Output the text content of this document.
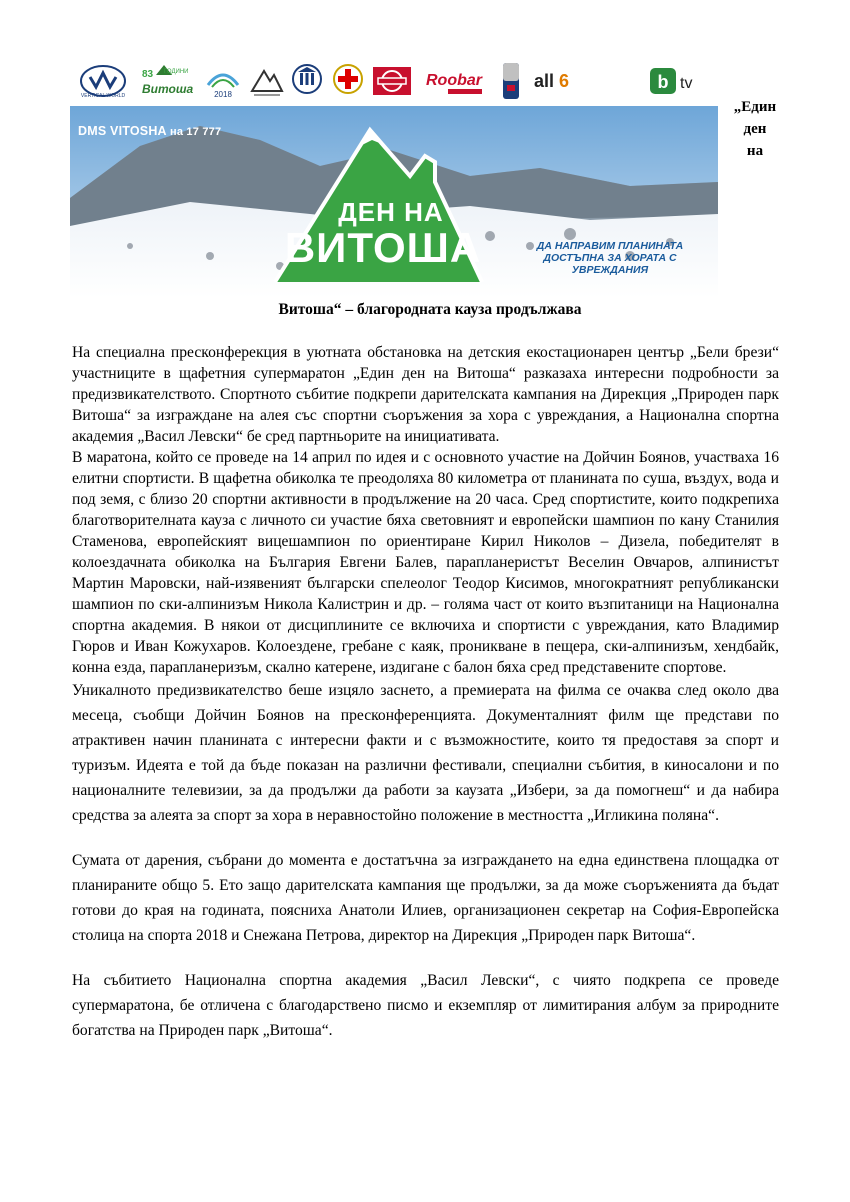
VERTICAL WORLD
83 ГОДИНИ
Витоша	2018
Roobar	all 6	b tv
„Един
ден
на
DMS VITOSHA на 17 777
ДЕН НА
ВИТОША	ДА НАПРАВИМ ПЛАНИНАТА ДОСТЪПНА ЗА ХОРАТА С УВРЕЖДАНИЯ
Витоша“ – благородната кауза продължава

На специална пресконферекция в уютната обстановка на детския екостационарен център „Бели брези“ участниците в щафетния супермаратон „Един ден на Витоша“ разказаха интересни подробности за предизвикателството. Спортното събитие подкрепи дарителската кампания на Дирекция „Природен парк Витоша“ за изграждане на алея със спортни съоръжения за хора с увреждания, а Национална спортна академия „Васил Левски“ бе сред партньорите на инициативата.

В маратона, който се проведе на 14 април по идея и с основното участие на Дойчин Боянов, участваха 16 елитни спортисти. В щафетна обиколка те преодоляха 80 километра от планината по суша, въздух, вода и под земя, с близо 20 спортни активности в продължение на 20 часа. Сред спортистите, които подкрепиха благотворителната кауза с личното си участие бяха световният и европейски шампион по кану Станилия Стаменова, европейският вицешампион по ориентиране Кирил Николов – Дизела, победителят в колоездачната обиколка на България Евгени Балев, парапланеристът Веселин Овчаров, алпинистът Мартин Маровски, най-изявеният български спелеолог Теодор Кисимов, многократният републикански шампион по ски-алпинизъм Никола Калистрин и др. – голяма част от които възпитаници на Национална спортна академия. В някои от дисциплините се включиха и спортисти с увреждания, като Владимир Гюров и Иван Кожухаров. Колоездене, гребане с каяк, проникване в пещера, ски-алпинизъм, хендбайк, конна езда, парапланеризъм, скално катерене, издигане с балон бяха сред представените спортове.

Уникалното предизвикателство беше изцяло заснето, а премиерата на филма се очаква след около два месеца, съобщи Дойчин Боянов на пресконференцията. Документалният филм ще представи по атрактивен начин планината с интересни факти и с възможностите, които тя предоставя за спорт и туризъм. Идеята е той да бъде показан на различни фестивали, специални събития, в киносалони и по националните телевизии, за да продължи да работи за каузата „Избери, за да помогнеш“ и да набира средства за алеята за спорт за хора в неравностойно положение в местността „Игликина поляна“.

Сумата от дарения, събрани до момента е достатъчна за изграждането на една единствена площадка от планираните общо 5. Ето защо дарителската кампания ще продължи, за да може съоръженията да бъдат готови до края на годината, поясниха Анатоли Илиев, организационен секретар на София-Европейска столица на спорта 2018 и Снежана Петрова, директор на Дирекция „Природен парк Витоша“.

На събитието Национална спортна академия „Васил Левски“, с чиято подкрепа се проведе супермаратона, бе отличена с благодарствено писмо и екземпляр от лимитирания албум за природните богатства на Природен парк „Витоша“.
